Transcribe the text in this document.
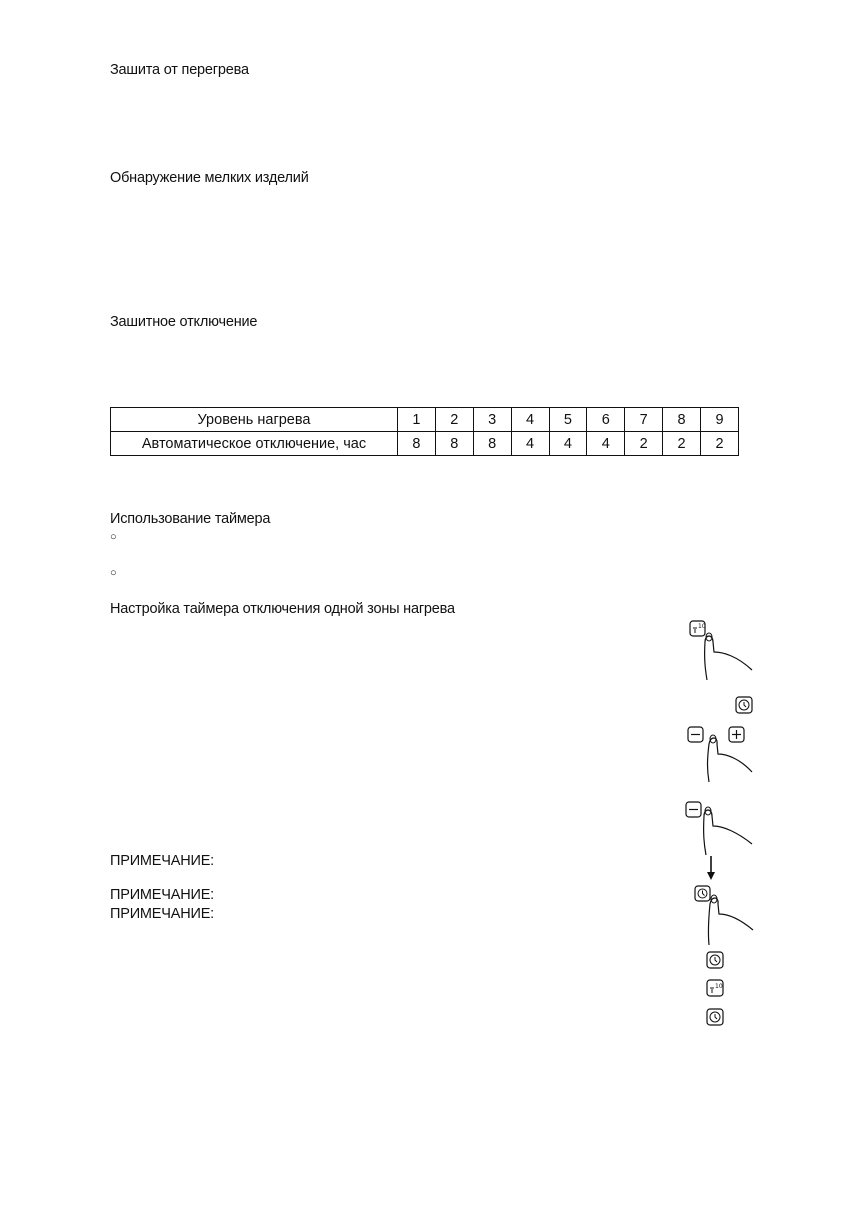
Зашита от перегрева
Обнаружение мелких изделий
Зашитное отключение
Уровень нагрева	1	2	3	4	5	6	7	8	9
Автоматическое отключение, час	8	8	8	4	4	4	2	2	2
Использование таймера
○
○
Настройка таймера отключения одной зоны нагрева
ПРИМЕЧАНИЕ:
ПРИМЕЧАНИЕ:
ПРИМЕЧАНИЕ:
10
10
